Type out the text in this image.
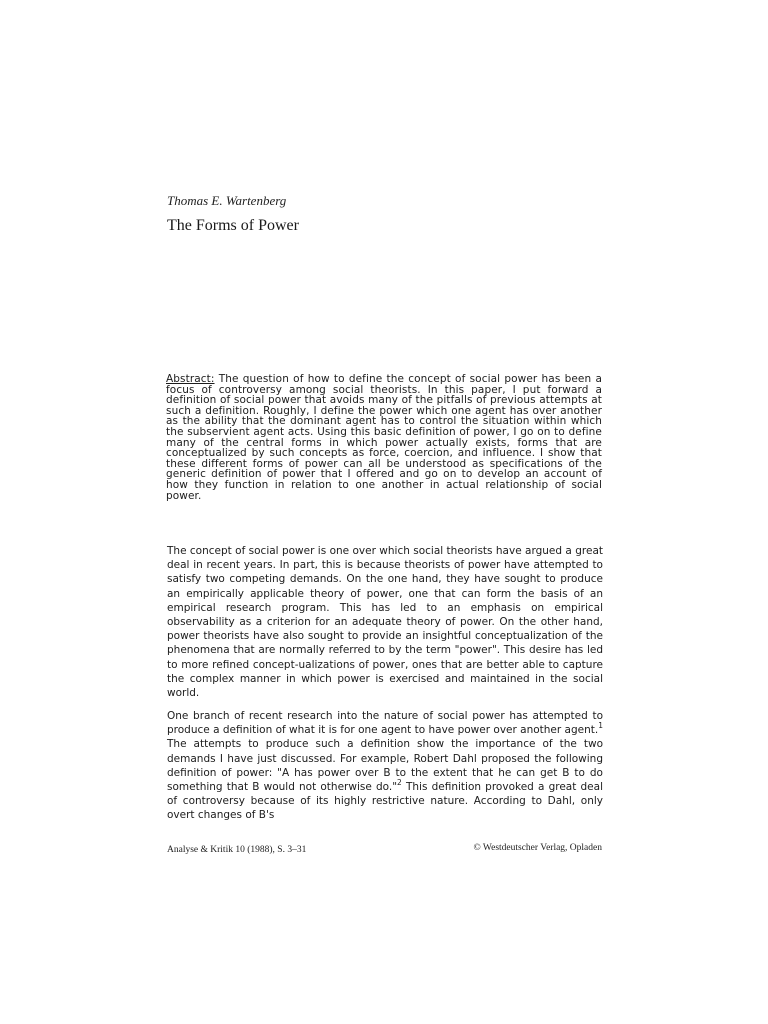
Thomas E. Wartenberg
The Forms of Power
Abstract: The question of how to define the concept of social power has been a focus of controversy among social theorists. In this paper, I put forward a definition of social power that avoids many of the pitfalls of previous attempts at such a definition. Roughly, I define the power which one agent has over another as the ability that the dominant agent has to control the situation within which the subservient agent acts. Using this basic definition of power, I go on to define many of the central forms in which power actually exists, forms that are conceptualized by such concepts as force, coercion, and influence. I show that these different forms of power can all be understood as specifications of the generic definition of power that I offered and go on to develop an account of how they function in relation to one another in actual relationship of social power.

The concept of social power is one over which social theorists have argued a great deal in recent years. In part, this is because theorists of power have attempted to satisfy two competing demands. On the one hand, they have sought to produce an empirically applicable theory of power, one that can form the basis of an empirical research program. This has led to an emphasis on empirical observability as a criterion for an adequate theory of power. On the other hand, power theorists have also sought to provide an insightful conceptualization of the phenomena that are normally referred to by the term "power". This desire has led to more refined concept-ualizations of power, ones that are better able to capture the complex manner in which power is exercised and maintained in the social world.

One branch of recent research into the nature of social power has attempted to produce a definition of what it is for one agent to have power over another agent.$^1$ The attempts to produce such a definition show the importance of the two demands I have just discussed. For example, Robert Dahl proposed the following definition of power: "A has power over B to the extent that he can get B to do something that B would not otherwise do."$^2$ This definition provoked a great deal of controversy because of its highly restrictive nature. According to Dahl, only overt changes of B's

Analyse & Kritik 10 (1988), S. 3–31	© Westdeutscher Verlag, Opladen
